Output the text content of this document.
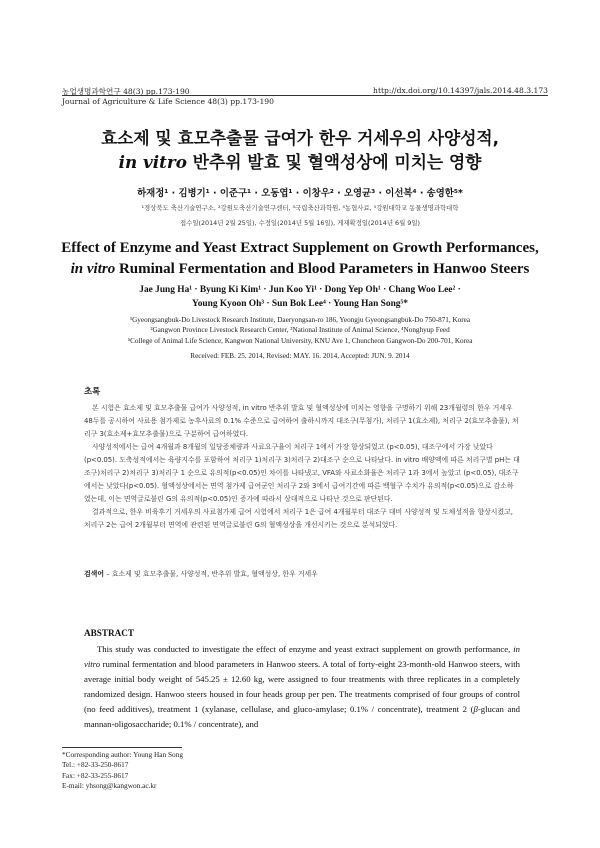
농업생명과학연구 48(3) pp.173-190	http://dx.doi.org/10.14397/jals.2014.48.3.173
Journal of Agriculture & Life Science 48(3) pp.173-190
효소제 및 효모추출물 급여가 한우 거세우의 사양성적,
in vitro 반추위 발효 및 혈액성상에 미치는 영향
하재정¹ · 김병기¹ · 이준구¹ · 오동엽¹ · 이창우² · 오영균³ · 이선복⁴ · 송영한⁵*
¹경상북도 축산기술연구소, ²강원도축산기술연구센터, ³국립축산과학원, ⁴농협사료, ⁵강원대학교 동물생명과학대학
접수일(2014년 2월 25일), 수정일(2014년 5월 16일), 게재확정일(2014년 6월 9일)
Effect of Enzyme and Yeast Extract Supplement on Growth Performances,
in vitro Ruminal Fermentation and Blood Parameters in Hanwoo Steers
Jae Jung Ha¹ · Byung Ki Kim¹ · Jun Koo Yi¹ · Dong Yep Oh¹ · Chang Woo Lee² ·
Young Kyoon Oh³ · Sun Bok Lee⁴ · Young Han Song⁵*
¹Gyeongsangbuk-Do Livestock Research Institute, Daeryongsan-ro 186, Yeongju Gyeongsangbuk-Do 750-871, Korea
²Gangwon Province Livestock Research Center, ³National Institute of Animal Science, ⁴Nonghyup Feed
⁵College of Animal Life Science, Kangwon National University, KNU Ave 1, Chuncheon Gangwon-Do 200-701, Korea
Received: FEB. 25. 2014, Revised: MAY. 16. 2014, Accepted: JUN. 9. 2014
초록

본 시험은 효소제 및 효모추출물 급여가 사양성적, in vitro 반추위 발효 및 혈액성상에 미치는 영향을 구명하기 위해 23개월령의 한우 거세우 48두를 공시하여 사료용 첨가제로 농후사료의 0.1% 수준으로 급여하여 출하시까지 대조구(무첨가), 처리구 1(효소제), 처리구 2(효모추출물), 처리구 3(효소제+효모추출물)으로 구분하여 급여하였다.

사양성적에서는 급여 4개월과 8개월의 일당증체량과 사료요구율이 처리구 1에서 가장 향상되었고 (p<0.05), 대조구에서 가장 낮았다(p<0.05). 도축성적에서는 육량지수를 포함하여 처리구 1)처리구 3)처리구 2)대조구 순으로 나타났다. in vitro 배양액에 따른 처리구별 pH는 대조구)처리구 2)처리구 3)처리구 1 순으로 유의적(p<0.05)인 차이를 나타냈고, VFA와 사료소화율은 처리구 1과 3에서 높았고 (p<0.05), 대조구에서는 낮았다(p<0.05). 혈액성상에서는 면역 첨가제 급여군인 처리구 2와 3에서 급여기간에 따른 백혈구 수치가 유의적(p<0.05)으로 감소하였는데, 이는 면역글로불린 G의 유의적(p<0.05)인 증가에 따라서 상대적으로 나타난 것으로 판단된다.

결과적으로, 한우 비육후기 거세우의 사료첨가제 급여 시험에서 처리구 1은 급여 4개월부터 대조구 대비 사양성적 및 도체성적을 향상시켰고, 처리구 2는 급여 2개월부터 면역에 관련된 면역글로불린 G의 혈액성상을 개선시키는 것으로 분석되었다.

검색어 – 효소제 및 효모추출물, 사양성적, 반추위 발효, 혈액성상, 한우 거세우
ABSTRACT

This study was conducted to investigate the effect of enzyme and yeast extract supplement on growth performance, in vitro ruminal fermentation and blood parameters in Hanwoo steers. A total of forty-eight 23-month-old Hanwoo steers, with average initial body weight of 545.25 ± 12.60 kg, were assigned to four treatments with three replicates in a completely randomized design. Hanwoo steers housed in four heads group per pen. The treatments comprised of four groups of control (no feed additives), treatment 1 (xylanase, cellulase, and gluco-amylase; 0.1% / concentrate), treatment 2 (β-glucan and mannan-oligosaccharide; 0.1% / concentrate), and

*Corresponding author: Young Han Song
Tel.: +82-33-250-8617
Fax: +82-33-255-8617
E-mail: yhsong@kangwon.ac.kr
